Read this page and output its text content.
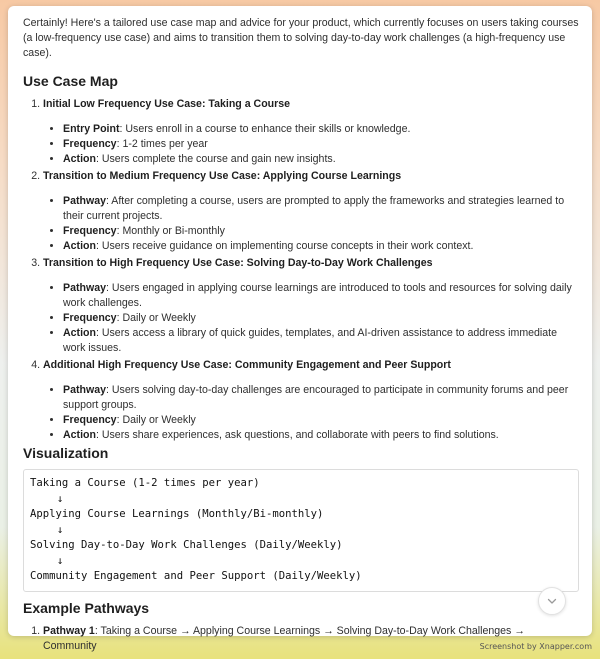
Certainly! Here's a tailored use case map and advice for your product, which currently focuses on users taking courses (a low-frequency use case) and aims to transition them to solving day-to-day work challenges (a high-frequency use case).

Use Case Map
1. Initial Low Frequency Use Case: Taking a Course
• Entry Point: Users enroll in a course to enhance their skills or knowledge.
• Frequency: 1-2 times per year
• Action: Users complete the course and gain new insights.
2. Transition to Medium Frequency Use Case: Applying Course Learnings
• Pathway: After completing a course, users are prompted to apply the frameworks and strategies learned to their current projects.
• Frequency: Monthly or Bi-monthly
• Action: Users receive guidance on implementing course concepts in their work context.
3. Transition to High Frequency Use Case: Solving Day-to-Day Work Challenges
• Pathway: Users engaged in applying course learnings are introduced to tools and resources for solving daily work challenges.
• Frequency: Daily or Weekly
• Action: Users access a library of quick guides, templates, and AI-driven assistance to address immediate work issues.
4. Additional High Frequency Use Case: Community Engagement and Peer Support
• Pathway: Users solving day-to-day challenges are encouraged to participate in community forums and peer support groups.
• Frequency: Daily or Weekly
• Action: Users share experiences, ask questions, and collaborate with peers to find solutions.
Visualization
Taking a Course (1-2 times per year)

↓
Applying Course Learnings (Monthly/Bi-monthly)

↓
Solving Day-to-Day Work Challenges (Daily/Weekly)

↓
Community Engagement and Peer Support (Daily/Weekly)
Example Pathways
1. Pathway 1: Taking a Course → Applying Course Learnings → Solving Day-to-Day Work Challenges → Community	Screenshot by Xnapper.com
